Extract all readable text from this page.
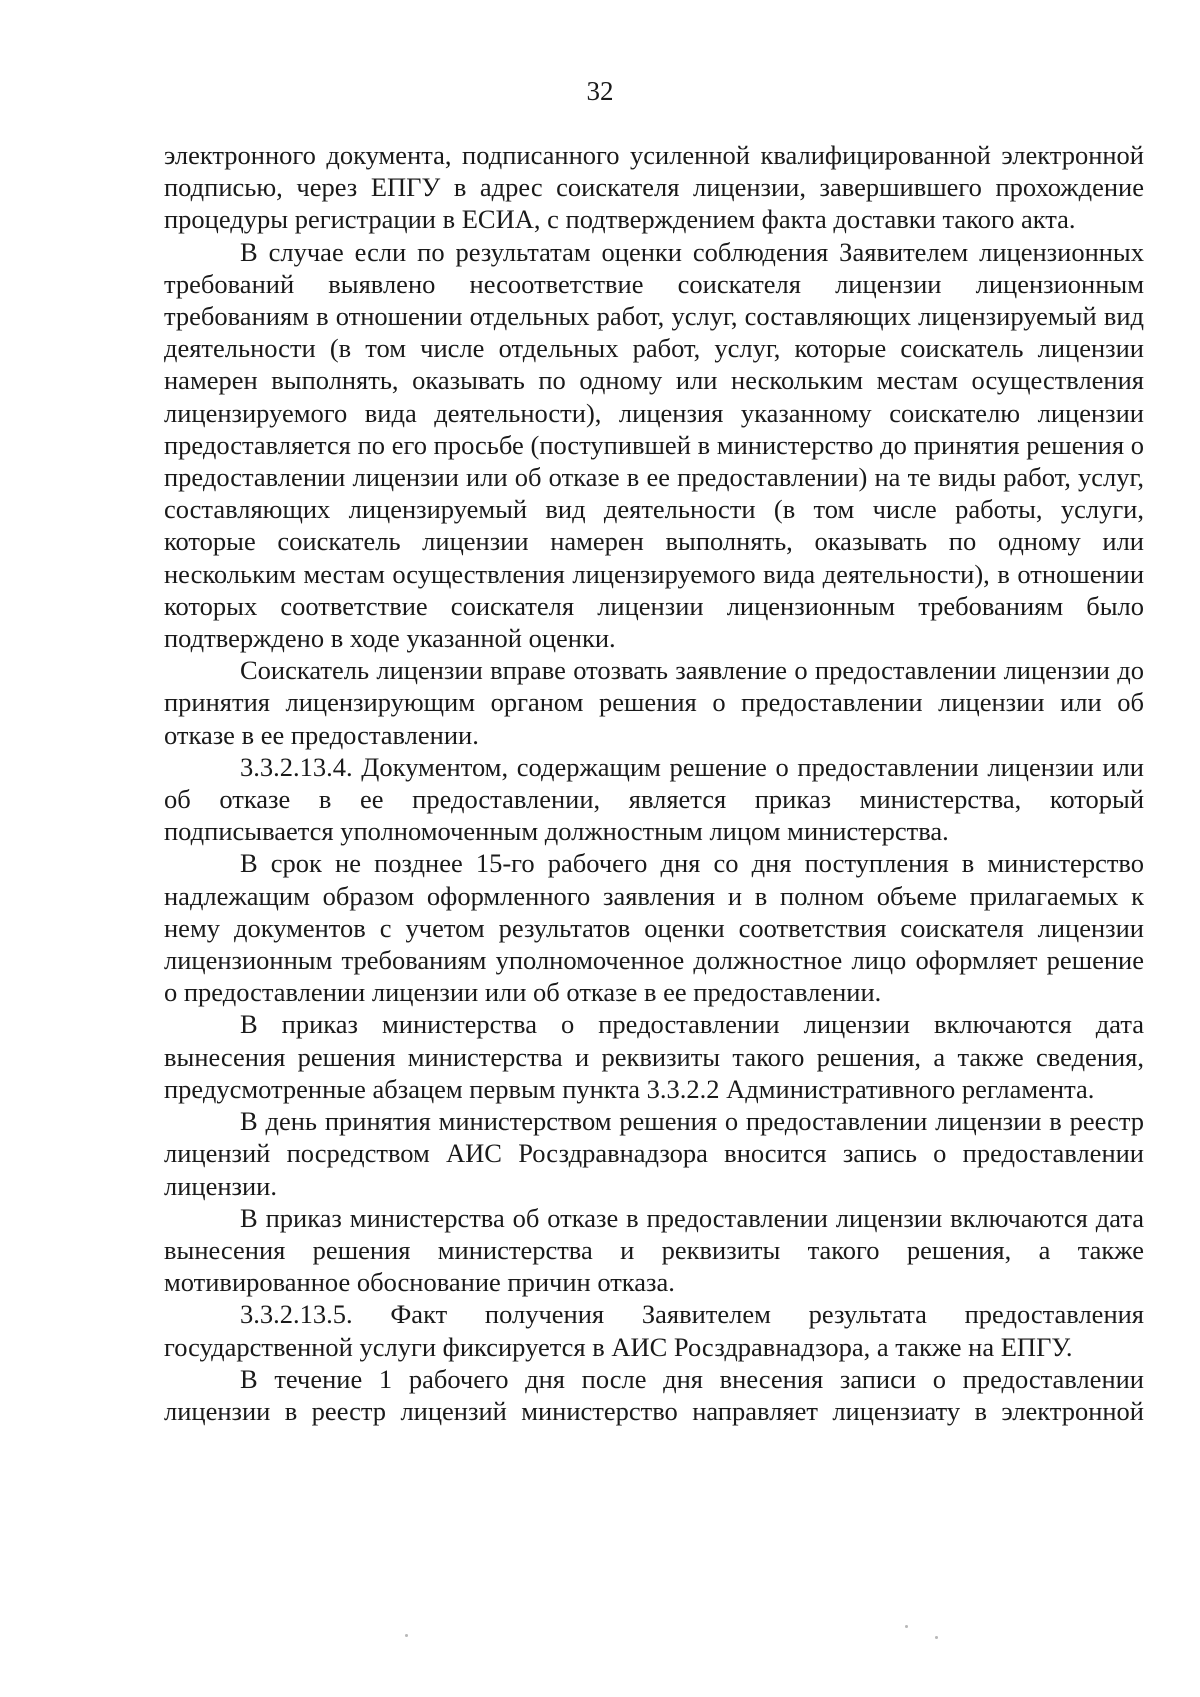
32

электронного документа, подписанного усиленной квалифицированной электронной подписью, через ЕПГУ в адрес соискателя лицензии, завершившего прохождение процедуры регистрации в ЕСИА, с подтверждением факта доставки такого акта.

В случае если по результатам оценки соблюдения Заявителем лицензионных требований выявлено несоответствие соискателя лицензии лицензионным требованиям в отношении отдельных работ, услуг, составляющих лицензируемый вид деятельности (в том числе отдельных работ, услуг, которые соискатель лицензии намерен выполнять, оказывать по одному или нескольким местам осуществления лицензируемого вида деятельности), лицензия указанному соискателю лицензии предоставляется по его просьбе (поступившей в министерство до принятия решения о предоставлении лицензии или об отказе в ее предоставлении) на те виды работ, услуг, составляющих лицензируемый вид деятельности (в том числе работы, услуги, которые соискатель лицензии намерен выполнять, оказывать по одному или нескольким местам осуществления лицензируемого вида деятельности), в отношении которых соответствие соискателя лицензии лицензионным требованиям было подтверждено в ходе указанной оценки.

Соискатель лицензии вправе отозвать заявление о предоставлении лицензии до принятия лицензирующим органом решения о предоставлении лицензии или об отказе в ее предоставлении.

3.3.2.13.4. Документом, содержащим решение о предоставлении лицензии или об отказе в ее предоставлении, является приказ министерства, который подписывается уполномоченным должностным лицом министерства.

В срок не позднее 15-го рабочего дня со дня поступления в министерство надлежащим образом оформленного заявления и в полном объеме прилагаемых к нему документов с учетом результатов оценки соответствия соискателя лицензии лицензионным требованиям уполномоченное должностное лицо оформляет решение о предоставлении лицензии или об отказе в ее предоставлении.

В приказ министерства о предоставлении лицензии включаются дата вынесения решения министерства и реквизиты такого решения, а также сведения, предусмотренные абзацем первым пункта 3.3.2.2 Административного регламента.

В день принятия министерством решения о предоставлении лицензии в реестр лицензий посредством АИС Росздравнадзора вносится запись о предоставлении лицензии.

В приказ министерства об отказе в предоставлении лицензии включаются дата вынесения решения министерства и реквизиты такого решения, а также мотивированное обоснование причин отказа.

3.3.2.13.5. Факт получения Заявителем результата предоставления государственной услуги фиксируется в АИС Росздравнадзора, а также на ЕПГУ.

В течение 1 рабочего дня после дня внесения записи о предоставлении лицензии в реестр лицензий министерство направляет лицензиату в электронной
